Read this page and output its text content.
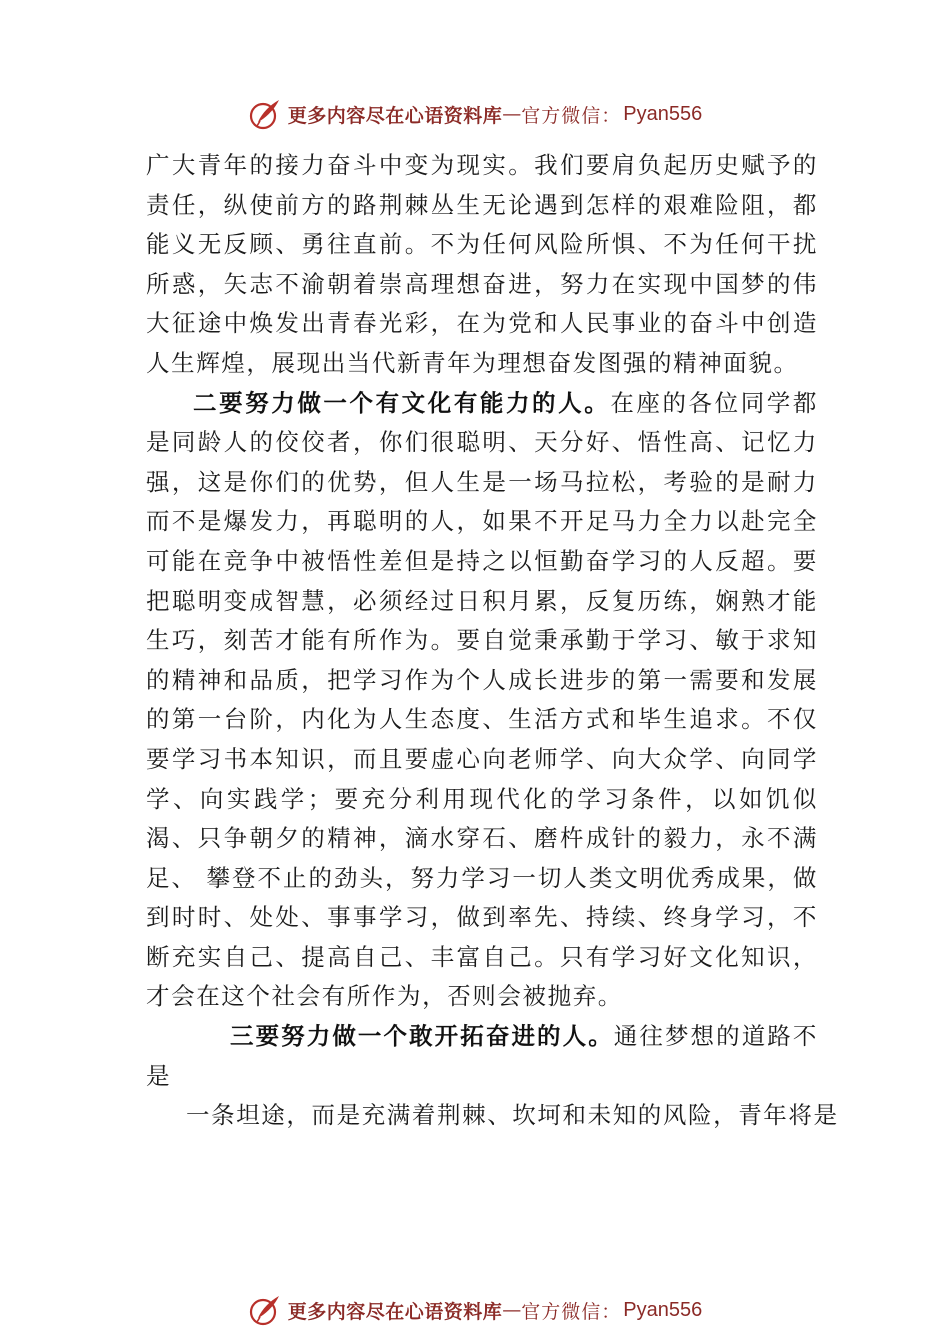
更多内容尽在心语资料库 — 官方微信： Pyan556

广大青年的接力奋斗中变为现实。我们要肩负起历史赋予的责任，纵使前方的路荆棘丛生无论遇到怎样的艰难险阻，都能义无反顾、勇往直前。不为任何风险所惧、不为任何干扰所惑，矢志不渝朝着崇高理想奋进，努力在实现中国梦的伟大征途中焕发出青春光彩，在为党和人民事业的奋斗中创造人生辉煌，展现出当代新青年为理想奋发图强的精神面貌。

二要努力做一个有文化有能力的人。在座的各位同学都是同龄人的佼佼者，你们很聪明、天分好、悟性高、记忆力强，这是你们的优势，但人生是一场马拉松，考验的是耐力而不是爆发力，再聪明的人，如果不开足马力全力以赴完全可能在竞争中被悟性差但是持之以恒勤奋学习的人反超。要把聪明变成智慧，必须经过日积月累，反复历练，娴熟才能生巧，刻苦才能有所作为。要自觉秉承勤于学习、敏于求知的精神和品质，把学习作为个人成长进步的第一需要和发展的第一台阶，内化为人生态度、生活方式和毕生追求。不仅要学习书本知识，而且要虚心向老师学、向大众学、向同学学、向实践学；要充分利用现代化的学习条件，以如饥似渴、只争朝夕的精神，滴水穿石、磨杵成针的毅力，永不满足、 攀登不止的劲头，努力学习一切人类文明优秀成果，做到时时、处处、事事学习，做到率先、持续、终身学习，不断充实自己、提高自己、丰富自己。只有学习好文化知识，才会在这个社会有所作为，否则会被抛弃。

三要努力做一个敢开拓奋进的人。通往梦想的道路不是

一条坦途，而是充满着荆棘、坎坷和未知的风险，青年将是

更多内容尽在心语资料库 — 官方微信： Pyan556
